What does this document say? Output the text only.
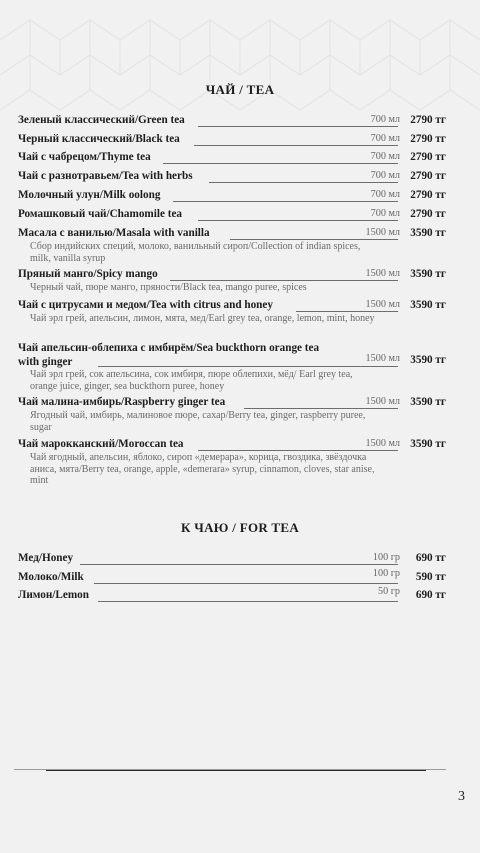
ЧАЙ / TEA
Зеленый классический/Green tea	700 мл 2790 тг
Черный классический/Black tea	700 мл 2790 тг
Чай с чабрецом/Thyme tea	700 мл 2790 тг
Чай с разнотравьем/Tea with herbs	700 мл 2790 тг
Молочный улун/Milk oolong	700 мл 2790 тг
Ромашковый чай/Chamomile tea	700 мл 2790 тг
Масала с ванилью/Masala with vanilla	1500 мл 3590 тг
Сбор индийских специй, молоко, ванильный сироп/Collection of indian spices, milk, vanilla syrup
Пряный манго/Spicy mango	1500 мл 3590 тг
Черный чай, пюре манго, пряности/Black tea, mango puree, spices
Чай с цитрусами и медом/Tea with citrus and honey	1500 мл 3590 тг
Чай эрл грей, апельсин, лимон, мята, мед/Earl grey tea, orange, lemon, mint, honey
Чай апельсин-облепиха с имбирём/Sea buckthorn orange tea with ginger	1500 мл 3590 тг
Чай эрл грей, сок апельсина, сок имбиря, пюре облепихи, мёд/ Earl grey tea, orange juice, ginger, sea buckthorn puree, honey
Чай малина-имбирь/Raspberry ginger tea	1500 мл 3590 тг
Ягодный чай, имбирь, малиновое пюре, сахар/Berry tea, ginger, raspberry puree, sugar
Чай марокканский/Moroccan tea	1500 мл 3590 тг
Чай ягодный, апельсин, яблоко, сироп «демерара», корица, гвоздика, звёздочка аниса, мята/Berry tea, orange, apple, «demerara» syrup, cinnamon, cloves, star anise, mint
К ЧАЮ / FOR TEA
Мед/Honey	100 гр 690 тг
Молоко/Milk	100 гр 590 тг
Лимон/Lemon	50 гр 690 тг
3
